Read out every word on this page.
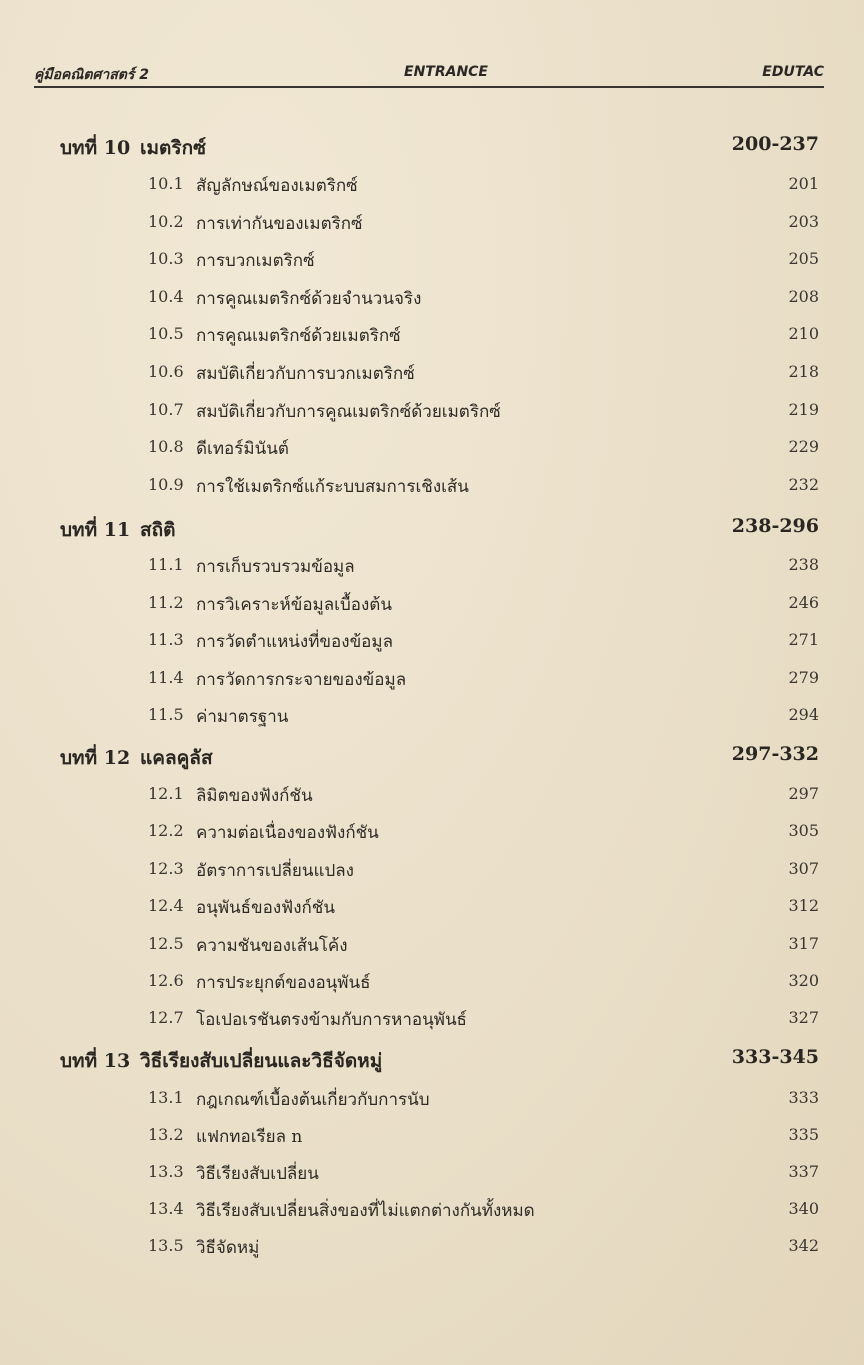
คู่มือคณิตศาสตร์ 2	ENTRANCE	EDUTAC
บทที่ 10 เมตริกซ์	200-237
10.1 สัญลักษณ์ของเมตริกซ์	201
10.2 การเท่ากันของเมตริกซ์	203
10.3 การบวกเมตริกซ์	205
10.4 การคูณเมตริกซ์ด้วยจำนวนจริง	208
10.5 การคูณเมตริกซ์ด้วยเมตริกซ์	210
10.6 สมบัติเกี่ยวกับการบวกเมตริกซ์	218
10.7 สมบัติเกี่ยวกับการคูณเมตริกซ์ด้วยเมตริกซ์	219
10.8 ดีเทอร์มินันต์	229
10.9 การใช้เมตริกซ์แก้ระบบสมการเชิงเส้น	232
บทที่ 11 สถิติ	238-296
11.1 การเก็บรวบรวมข้อมูล	238
11.2 การวิเคราะห์ข้อมูลเบื้องต้น	246
11.3 การวัดตำแหน่งที่ของข้อมูล	271
11.4 การวัดการกระจายของข้อมูล	279
11.5 ค่ามาตรฐาน	294
บทที่ 12 แคลคูลัส	297-332
12.1 ลิมิตของฟังก์ชัน	297
12.2 ความต่อเนื่องของฟังก์ชัน	305
12.3 อัตราการเปลี่ยนแปลง	307
12.4 อนุพันธ์ของฟังก์ชัน	312
12.5 ความชันของเส้นโค้ง	317
12.6 การประยุกต์ของอนุพันธ์	320
12.7 โอเปอเรชันตรงข้ามกับการหาอนุพันธ์	327
บทที่ 13 วิธีเรียงสับเปลี่ยนและวิธีจัดหมู่	333-345
13.1 กฎเกณฑ์เบื้องต้นเกี่ยวกับการนับ	333
13.2 แฟกทอเรียล n	335
13.3 วิธีเรียงสับเปลี่ยน	337
13.4 วิธีเรียงสับเปลี่ยนสิ่งของที่ไม่แตกต่างกันทั้งหมด	340
13.5 วิธีจัดหมู่	342
